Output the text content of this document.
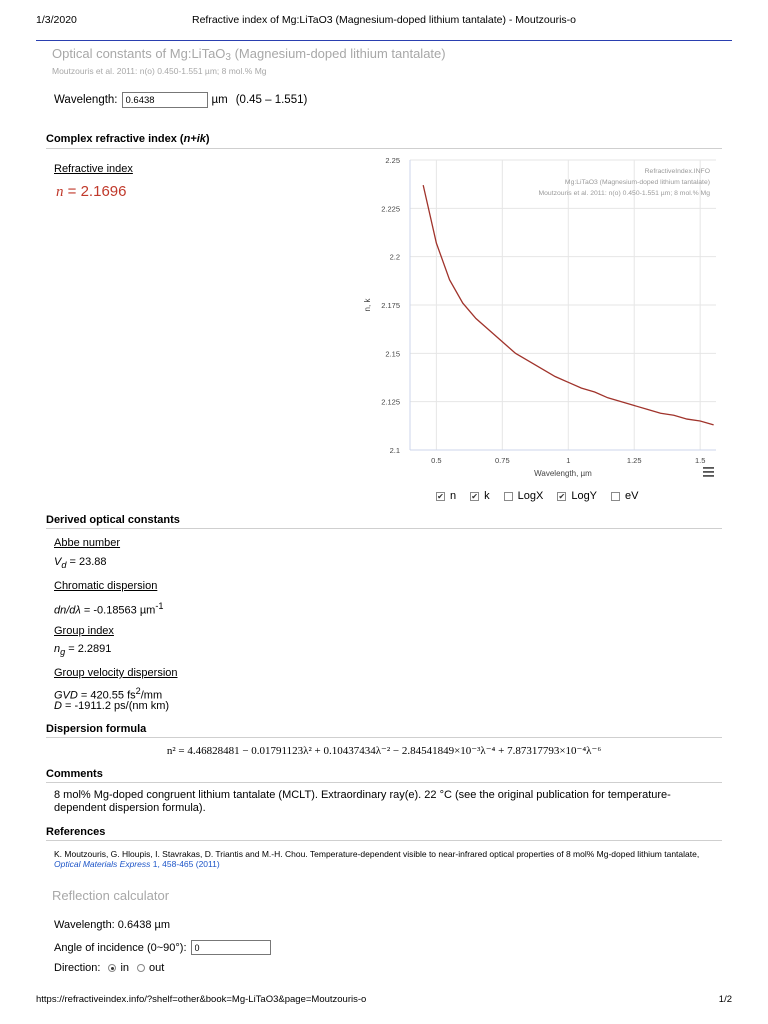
1/3/2020	Refractive index of Mg:LiTaO3 (Magnesium-doped lithium tantalate) - Moutzouris-o
Optical constants of Mg:LiTaO$_3$ (Magnesium-doped lithium tantalate)
Moutzouris et al. 2011: n(o) 0.450-1.551 µm; 8 mol.% Mg
Wavelength:
0.6438	µm (0.45 – 1.551)
Complex refractive index (n+ik)
Refractive index
n = 2.1696
2.1
2.125
2.15
2.175
2.2
2.225
2.25
0.5	0.75	1	1.25	1.5
Wavelength, µm
n, k
RefractiveIndex.INFO
Mg:LiTaO3 (Magnesium-doped lithium tantalate)
Moutzouris et al. 2011: n(o) 0.450-1.551 µm; 8 mol.% Mg
✔ n ✔ k	LogX ✔ LogY	eV
Derived optical constants
Abbe number
$V_d = 23.88$
Chromatic dispersion
dn/dλ = -0.18563 µm$^{-1}$
Group index
$n_g = 2.2891$
Group velocity dispersion
GVD = 420.55 $fs^2/mm$
D = -1911.2 ps/(nm km)
Dispersion formula
n² = 4.46828481 − 0.01791123λ² + 0.10437434λ⁻² − 2.84541849×10⁻³λ⁻⁴ + 7.87317793×10⁻⁴λ⁻⁶
Comments
8 mol% Mg-doped congruent lithium tantalate (MCLT). Extraordinary ray(e). 22 °C (see the original publication for temperature-dependent dispersion formula).
References
K. Moutzouris, G. Hloupis, I. Stavrakas, D. Triantis and M.-H. Chou. Temperature-dependent visible to near-infrared optical properties of 8 mol% Mg-doped lithium tantalate, Optical Materials Express 1, 458-465 (2011)
Reflection calculator
Wavelength: 0.6438 µm
Angle of incidence (0~90°):
0
Direction: in out
https://refractiveindex.info/?shelf=other&book=Mg-LiTaO3&page=Moutzouris-o	1/2
